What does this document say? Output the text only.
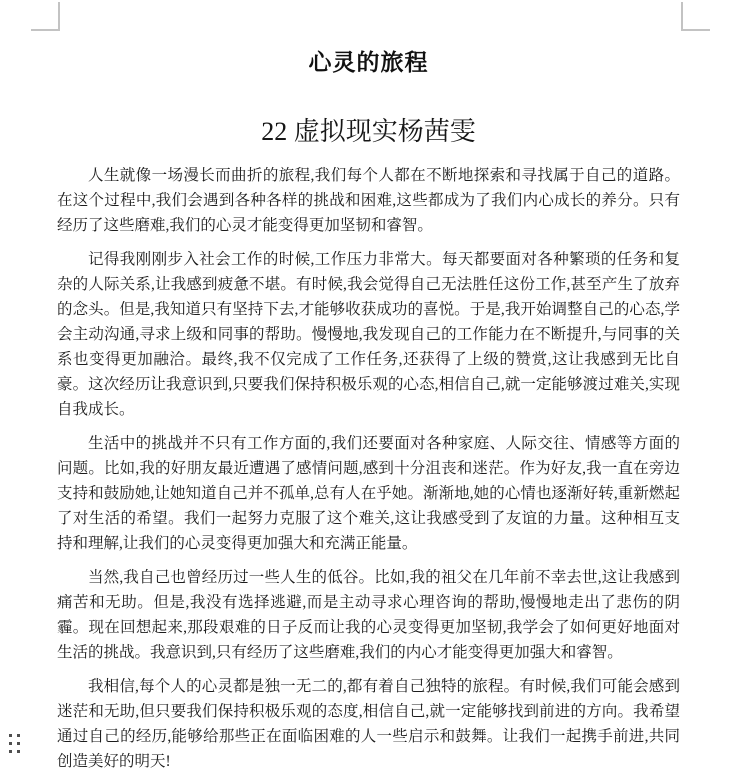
心灵的旅程
22 虚拟现实杨茜雯

人生就像一场漫长而曲折的旅程,我们每个人都在不断地探索和寻找属于自己的道路。在这个过程中,我们会遇到各种各样的挑战和困难,这些都成为了我们内心成长的养分。只有经历了这些磨难,我们的心灵才能变得更加坚韧和睿智。

记得我刚刚步入社会工作的时候,工作压力非常大。每天都要面对各种繁琐的任务和复杂的人际关系,让我感到疲惫不堪。有时候,我会觉得自己无法胜任这份工作,甚至产生了放弃的念头。但是,我知道只有坚持下去,才能够收获成功的喜悦。于是,我开始调整自己的心态,学会主动沟通,寻求上级和同事的帮助。慢慢地,我发现自己的工作能力在不断提升,与同事的关系也变得更加融洽。最终,我不仅完成了工作任务,还获得了上级的赞赏,这让我感到无比自豪。这次经历让我意识到,只要我们保持积极乐观的心态,相信自己,就一定能够渡过难关,实现自我成长。

生活中的挑战并不只有工作方面的,我们还要面对各种家庭、人际交往、情感等方面的问题。比如,我的好朋友最近遭遇了感情问题,感到十分沮丧和迷茫。作为好友,我一直在旁边支持和鼓励她,让她知道自己并不孤单,总有人在乎她。渐渐地,她的心情也逐渐好转,重新燃起了对生活的希望。我们一起努力克服了这个难关,这让我感受到了友谊的力量。这种相互支持和理解,让我们的心灵变得更加强大和充满正能量。

当然,我自己也曾经历过一些人生的低谷。比如,我的祖父在几年前不幸去世,这让我感到痛苦和无助。但是,我没有选择逃避,而是主动寻求心理咨询的帮助,慢慢地走出了悲伤的阴霾。现在回想起来,那段艰难的日子反而让我的心灵变得更加坚韧,我学会了如何更好地面对生活的挑战。我意识到,只有经历了这些磨难,我们的内心才能变得更加强大和睿智。

我相信,每个人的心灵都是独一无二的,都有着自己独特的旅程。有时候,我们可能会感到迷茫和无助,但只要我们保持积极乐观的态度,相信自己,就一定能够找到前进的方向。我希望通过自己的经历,能够给那些正在面临困难的人一些启示和鼓舞。让我们一起携手前进,共同创造美好的明天!
